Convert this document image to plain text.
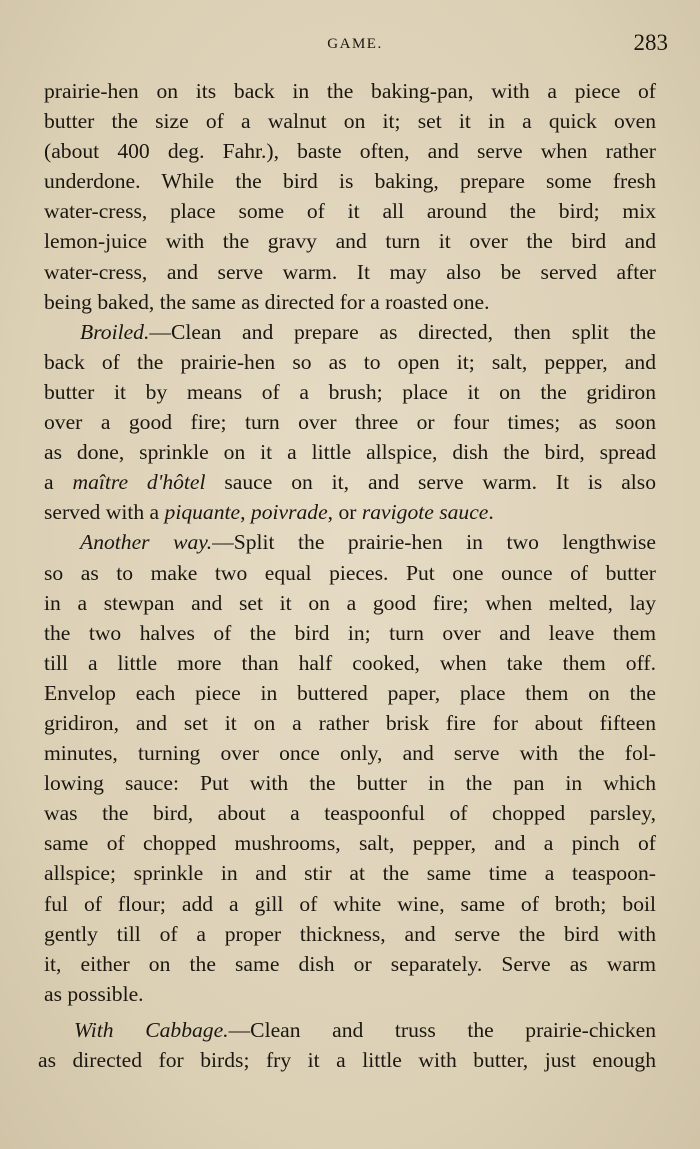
GAME.	283
prairie-hen on its back in the baking-pan, with a piece of
butter the size of a walnut on it; set it in a quick oven
(about 400 deg. Fahr.), baste often, and serve when rather
underdone. While the bird is baking, prepare some fresh
water-cress, place some of it all around the bird; mix
lemon-juice with the gravy and turn it over the bird and
water-cress, and serve warm. It may also be served after
being baked, the same as directed for a roasted one.
Broiled.—Clean and prepare as directed, then split the
back of the prairie-hen so as to open it; salt, pepper, and
butter it by means of a brush; place it on the gridiron
over a good fire; turn over three or four times; as soon
as done, sprinkle on it a little allspice, dish the bird, spread
a maître d'hôtel sauce on it, and serve warm. It is also
served with a piquante, poivrade, or ravigote sauce.
Another way.—Split the prairie-hen in two lengthwise
so as to make two equal pieces. Put one ounce of butter
in a stewpan and set it on a good fire; when melted, lay
the two halves of the bird in; turn over and leave them
till a little more than half cooked, when take them off.
Envelop each piece in buttered paper, place them on the
gridiron, and set it on a rather brisk fire for about fifteen
minutes, turning over once only, and serve with the fol-
lowing sauce: Put with the butter in the pan in which
was the bird, about a teaspoonful of chopped parsley,
same of chopped mushrooms, salt, pepper, and a pinch of
allspice; sprinkle in and stir at the same time a teaspoon-
ful of flour; add a gill of white wine, same of broth; boil
gently till of a proper thickness, and serve the bird with
it, either on the same dish or separately. Serve as warm
as possible.
With Cabbage.—Clean and truss the prairie-chicken
as directed for birds; fry it a little with butter, just enough
